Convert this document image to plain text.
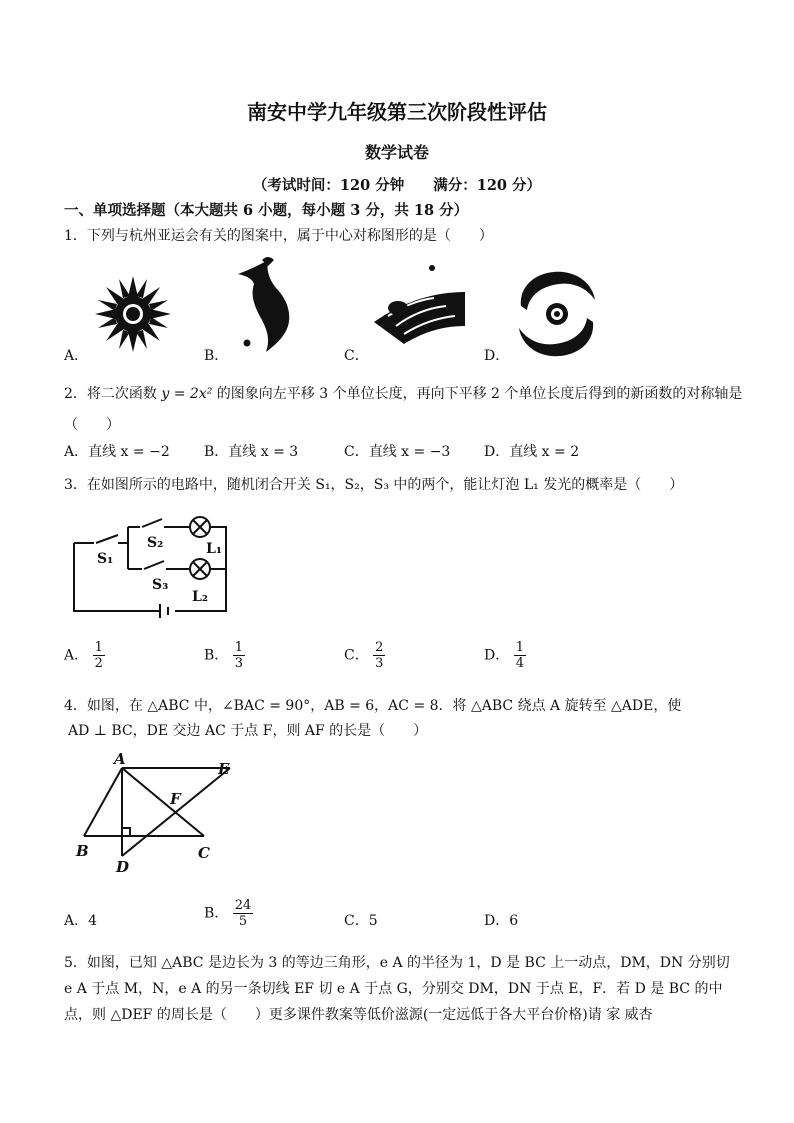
南安中学九年级第三次阶段性评估
数学试卷
（考试时间：120 分钟　　满分：120 分）
一、单项选择题（本大题共 6 小题，每小题 3 分，共 18 分）
1．下列与杭州亚运会有关的图案中，属于中心对称图形的是（　　）
A．	B．	C．	D．
2．将二次函数 y = 2x² 的图象向左平移 3 个单位长度，再向下平移 2 个单位长度后得到的新函数的对称轴是
（　　）
A．直线 x = −2 B．直线 x = 3	C．直线 x = −3 D．直线 x = 2
3．在如图所示的电路中，随机闭合开关 S₁，S₂，S₃ 中的两个，能让灯泡 L₁ 发光的概率是（　　）
S₁
S₂
S₃
L₁
L₂
A． $\frac{1}{2}$	B． $\frac{1}{3}$	C． $\frac{2}{3}$	D． $\frac{1}{4}$
4．如图，在 △ABC 中，∠BAC = 90°，AB = 6，AC = 8．将 △ABC 绕点 A 旋转至 △ADE，使
AD ⊥ BC，DE 交边 AC 于点 F，则 AF 的长是（　　）
A
B	C
D
E
F
A．4	B． $\frac{24}{5}$	C．5	D．6
5．如图，已知 △ABC 是边长为 3 的等边三角形，e A 的半径为 1，D 是 BC 上一动点，DM，DN 分别切
e A 于点 M，N，e A 的另一条切线 EF 切 e A 于点 G，分别交 DM，DN 于点 E，F．若 D 是 BC 的中
点，则 △DEF 的周长是（　　）更多课件教案等低价滋源(一定远低于各大平台价格)请 家 威杏
